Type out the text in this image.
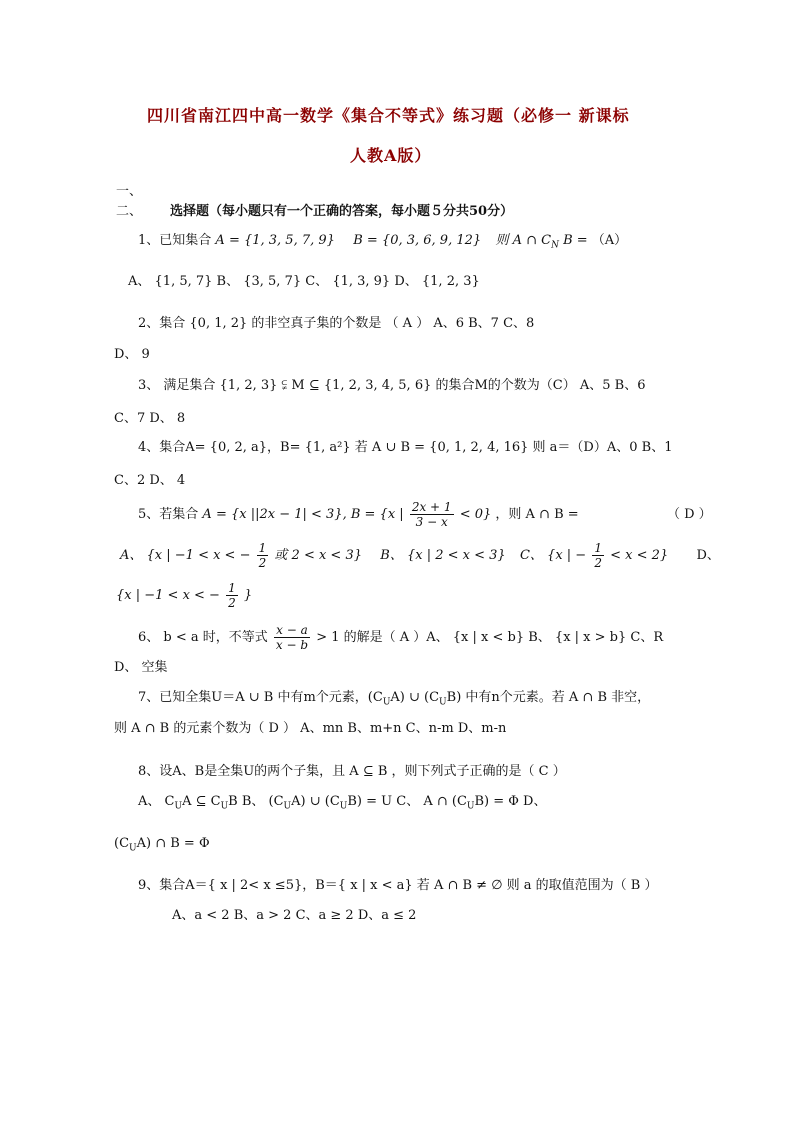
四川省南江四中高一数学《集合不等式》练习题（必修一 新课标
人教A版）
一、
二、 选择题（每小题只有一个正确的答案，每小题５分共50分）
1、已知集合 A = {1, 3, 5, 7, 9} B = {0, 3, 6, 9, 12} 则 A ∩ $C_N$ B = （A）
A、 {1, 5, 7} B、 {3, 5, 7} C、 {1, 3, 9} D、 {1, 2, 3}
2、集合 {0, 1, 2} 的非空真子集的个数是 （ A ） A、6 B、7 C、8
D、 9
3、 满足集合 {1, 2, 3} ⫋ M ⊆ {1, 2, 3, 4, 5, 6} 的集合M的个数为（C） A、5 B、6
C、7 D、 8
4、集合A= {0, 2, a}，B= {1, a²} 若 A ∪ B = {0, 1, 2, 4, 16} 则 a＝（D）A、0 B、1
C、2 D、 4
5、若集合 A = {x ||2x − 1| < 3}, B = {x | $\frac{2x + 1}{3 - x} < 0$} ，则 A ∩ B =	（ D ）
A、 {x | −1 < x < − $\frac{1}{2}$ 或 2 < x < 3} B、 {x | 2 < x < 3} C、 {x | − $\frac{1}{2} < x < 2$} D、
{x | −1 < x < − $\frac{1}{2}$ }
6、 b < a 时，不等式 $\frac{x - a}{x - b} > 1$ 的解是（ A ）A、 {x | x < b} B、 {x | x > b} C、R
D、 空集
7、已知全集U＝A ∪ B 中有m个元素，$(C_UA)$ ∪ $(C_UB)$ 中有n个元素。若 A ∩ B 非空，
则 A ∩ B 的元素个数为（ D ） A、mn B、m+n C、n-m D、m-n
8、设A、B是全集U的两个子集，且 A ⊆ B ，则下列式子正确的是（ C ）
A、 $C_UA$ ⊆ $C_UB$ B、 $(C_UA)$ ∪ $(C_UB) = U$ C、 A ∩ $(C_UB) = \Phi$ D、
$(C_UA)$ ∩ B = Φ
9、集合A＝{ x | 2< x ≤5}，B＝{ x | x < a} 若 A ∩ B ≠ ∅ 则 a 的取值范围为（ B ）
A、a < 2 B、a > 2 C、a ≥ 2 D、a ≤ 2
